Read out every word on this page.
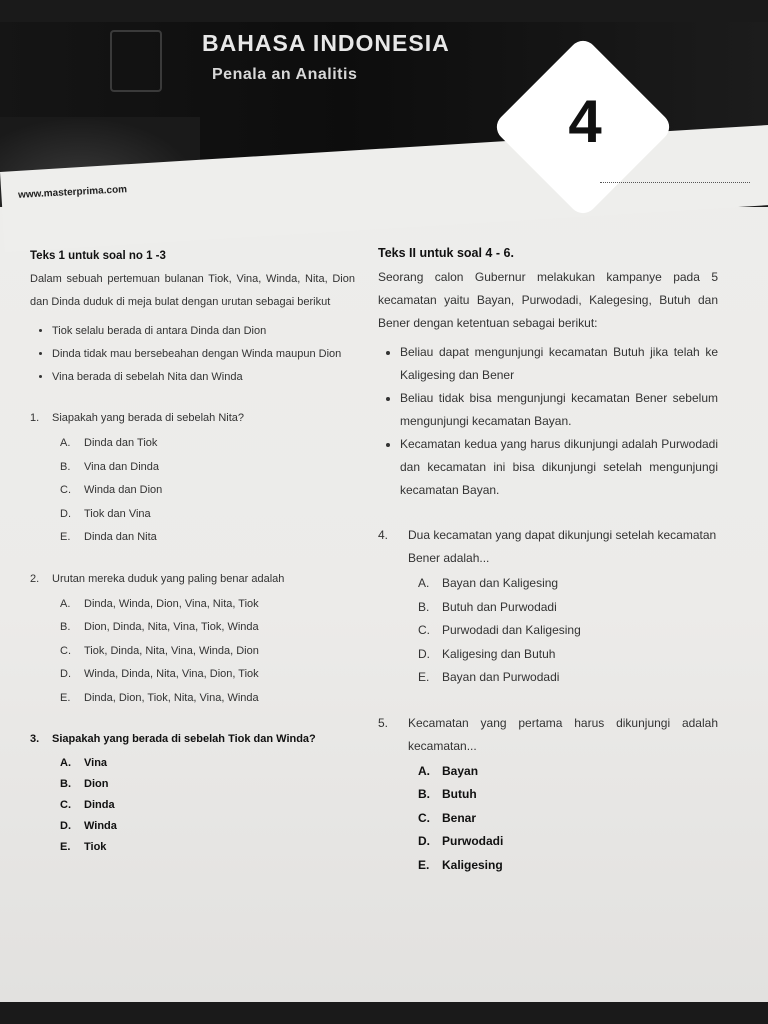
BAHASA INDONESIA
Penala an Analitis
4

www.masterprima.com

Teks 1 untuk soal no 1 -3

Dalam sebuah pertemuan bulanan Tiok, Vina, Winda, Nita, Dion dan Dinda duduk di meja bulat dengan urutan sebagai berikut

• Tiok selalu berada di antara Dinda dan Dion
• Dinda tidak mau bersebeahan dengan Winda maupun Dion
• Vina berada di sebelah Nita dan Winda
1.	Siapakah yang berada di sebelah Nita?
A.	Dinda dan Tiok
B.	Vina dan Dinda
C.	Winda dan Dion
D.	Tiok dan Vina
E.	Dinda dan Nita
2.	Urutan mereka duduk yang paling benar adalah
A.	Dinda, Winda, Dion, Vina, Nita, Tiok
B.	Dion, Dinda, Nita, Vina, Tiok, Winda
C.	Tiok, Dinda, Nita, Vina, Winda, Dion
D.	Winda, Dinda, Nita, Vina, Dion, Tiok
E.	Dinda, Dion, Tiok, Nita, Vina, Winda
3.	Siapakah yang berada di sebelah Tiok dan Winda?
A.	Vina
B.	Dion
C.	Dinda
D.	Winda
E.	Tiok

Teks II untuk soal 4 - 6.

Seorang calon Gubernur melakukan kampanye pada 5 kecamatan yaitu Bayan, Purwodadi, Kalegesing, Butuh dan Bener dengan ketentuan sebagai berikut:

• Beliau dapat mengunjungi kecamatan Butuh jika telah ke Kaligesing dan Bener
• Beliau tidak bisa mengunjungi kecamatan Bener sebelum mengunjungi kecamatan Bayan.
• Kecamatan kedua yang harus dikunjungi adalah Purwodadi dan kecamatan ini bisa dikunjungi setelah mengunjungi kecamatan Bayan.
4.	Dua kecamatan yang dapat dikunjungi setelah kecamatan Bener adalah...
A.	Bayan dan Kaligesing
B.	Butuh dan Purwodadi
C.	Purwodadi dan Kaligesing
D.	Kaligesing dan Butuh
E.	Bayan dan Purwodadi
5.	Kecamatan yang pertama harus dikunjungi adalah kecamatan...
A.	Bayan
B.	Butuh
C.	Benar
D.	Purwodadi
E.	Kaligesing
